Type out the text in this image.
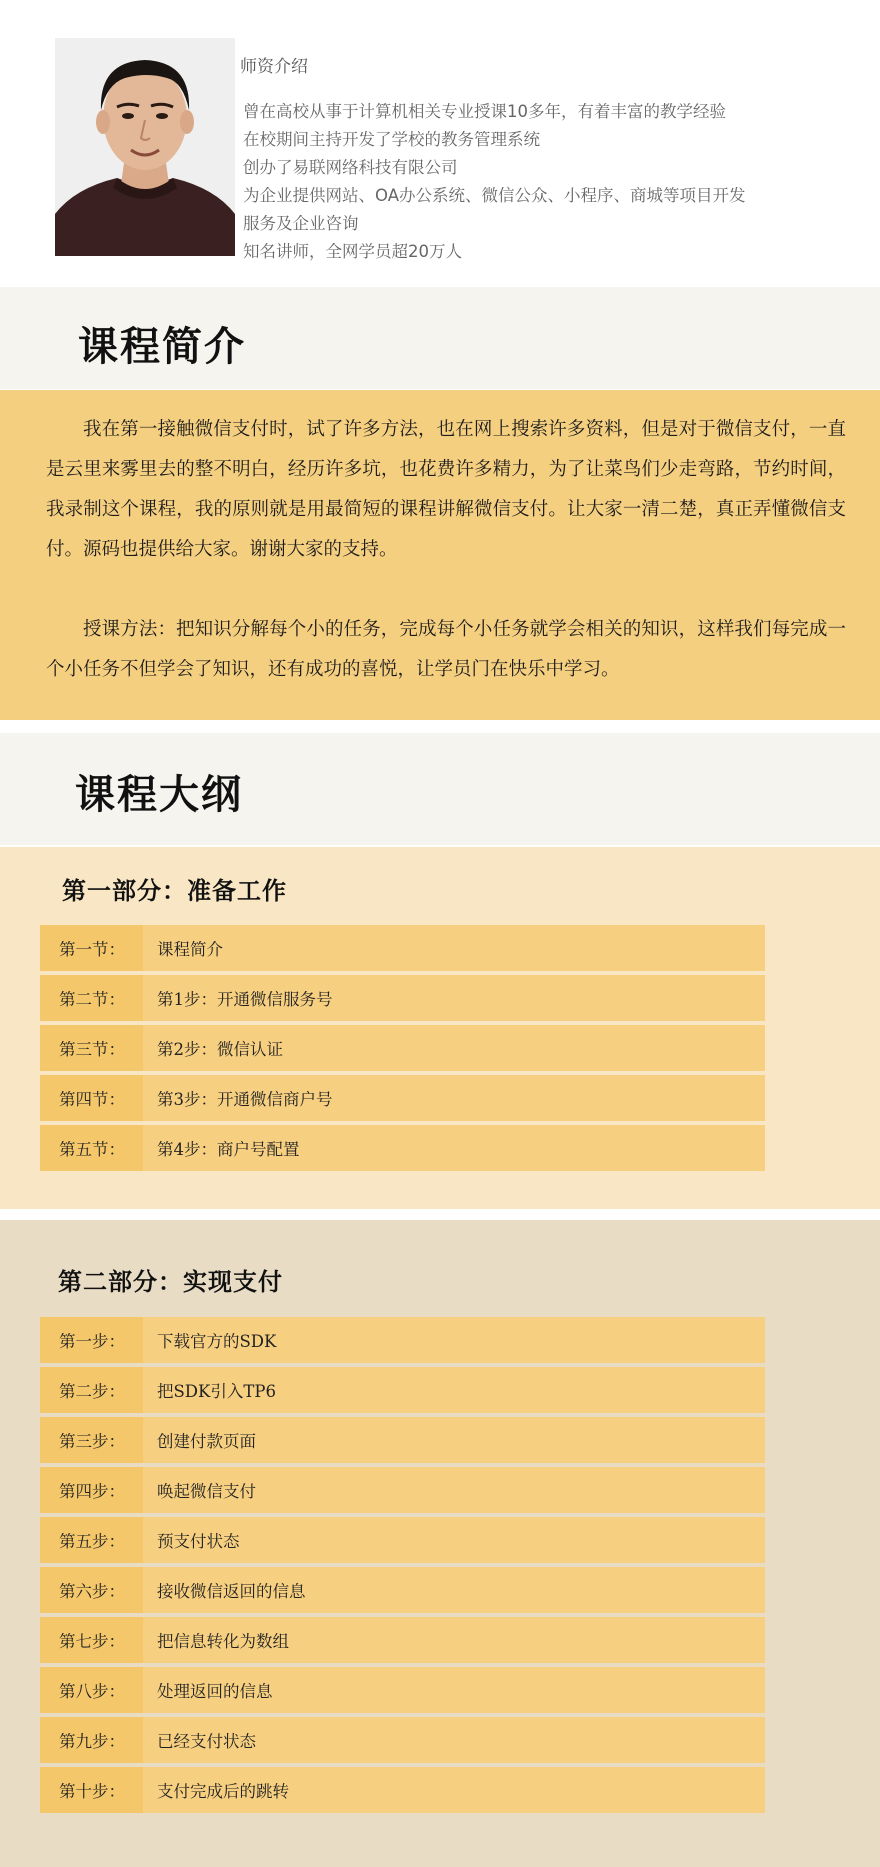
师资介绍
曾在高校从事于计算机相关专业授课10多年，有着丰富的教学经验
在校期间主持开发了学校的教务管理系统
创办了易联网络科技有限公司
为企业提供网站、OA办公系统、微信公众、小程序、商城等项目开发
服务及企业咨询
知名讲师，全网学员超20万人
课程简介

我在第一接触微信支付时，试了许多方法，也在网上搜索许多资料，但是对于微信支付，一直是云里来雾里去的整不明白，经历许多坑，也花费许多精力，为了让菜鸟们少走弯路，节约时间，我录制这个课程，我的原则就是用最简短的课程讲解微信支付。让大家一清二楚，真正弄懂微信支付。源码也提供给大家。谢谢大家的支持。

授课方法：把知识分解每个小的任务，完成每个小任务就学会相关的知识，这样我们每完成一个小任务不但学会了知识，还有成功的喜悦，让学员门在快乐中学习。

课程大纲
第一部分：准备工作
第一节：	课程简介
第二节：	第1步：开通微信服务号
第三节：	第2步：微信认证
第四节：	第3步：开通微信商户号
第五节：	第4步：商户号配置
第二部分：实现支付
第一步：	下载官方的SDK
第二步：	把SDK引入TP6
第三步：	创建付款页面
第四步：	唤起微信支付
第五步：	预支付状态
第六步：	接收微信返回的信息
第七步：	把信息转化为数组
第八步：	处理返回的信息
第九步：	已经支付状态
第十步：	支付完成后的跳转
